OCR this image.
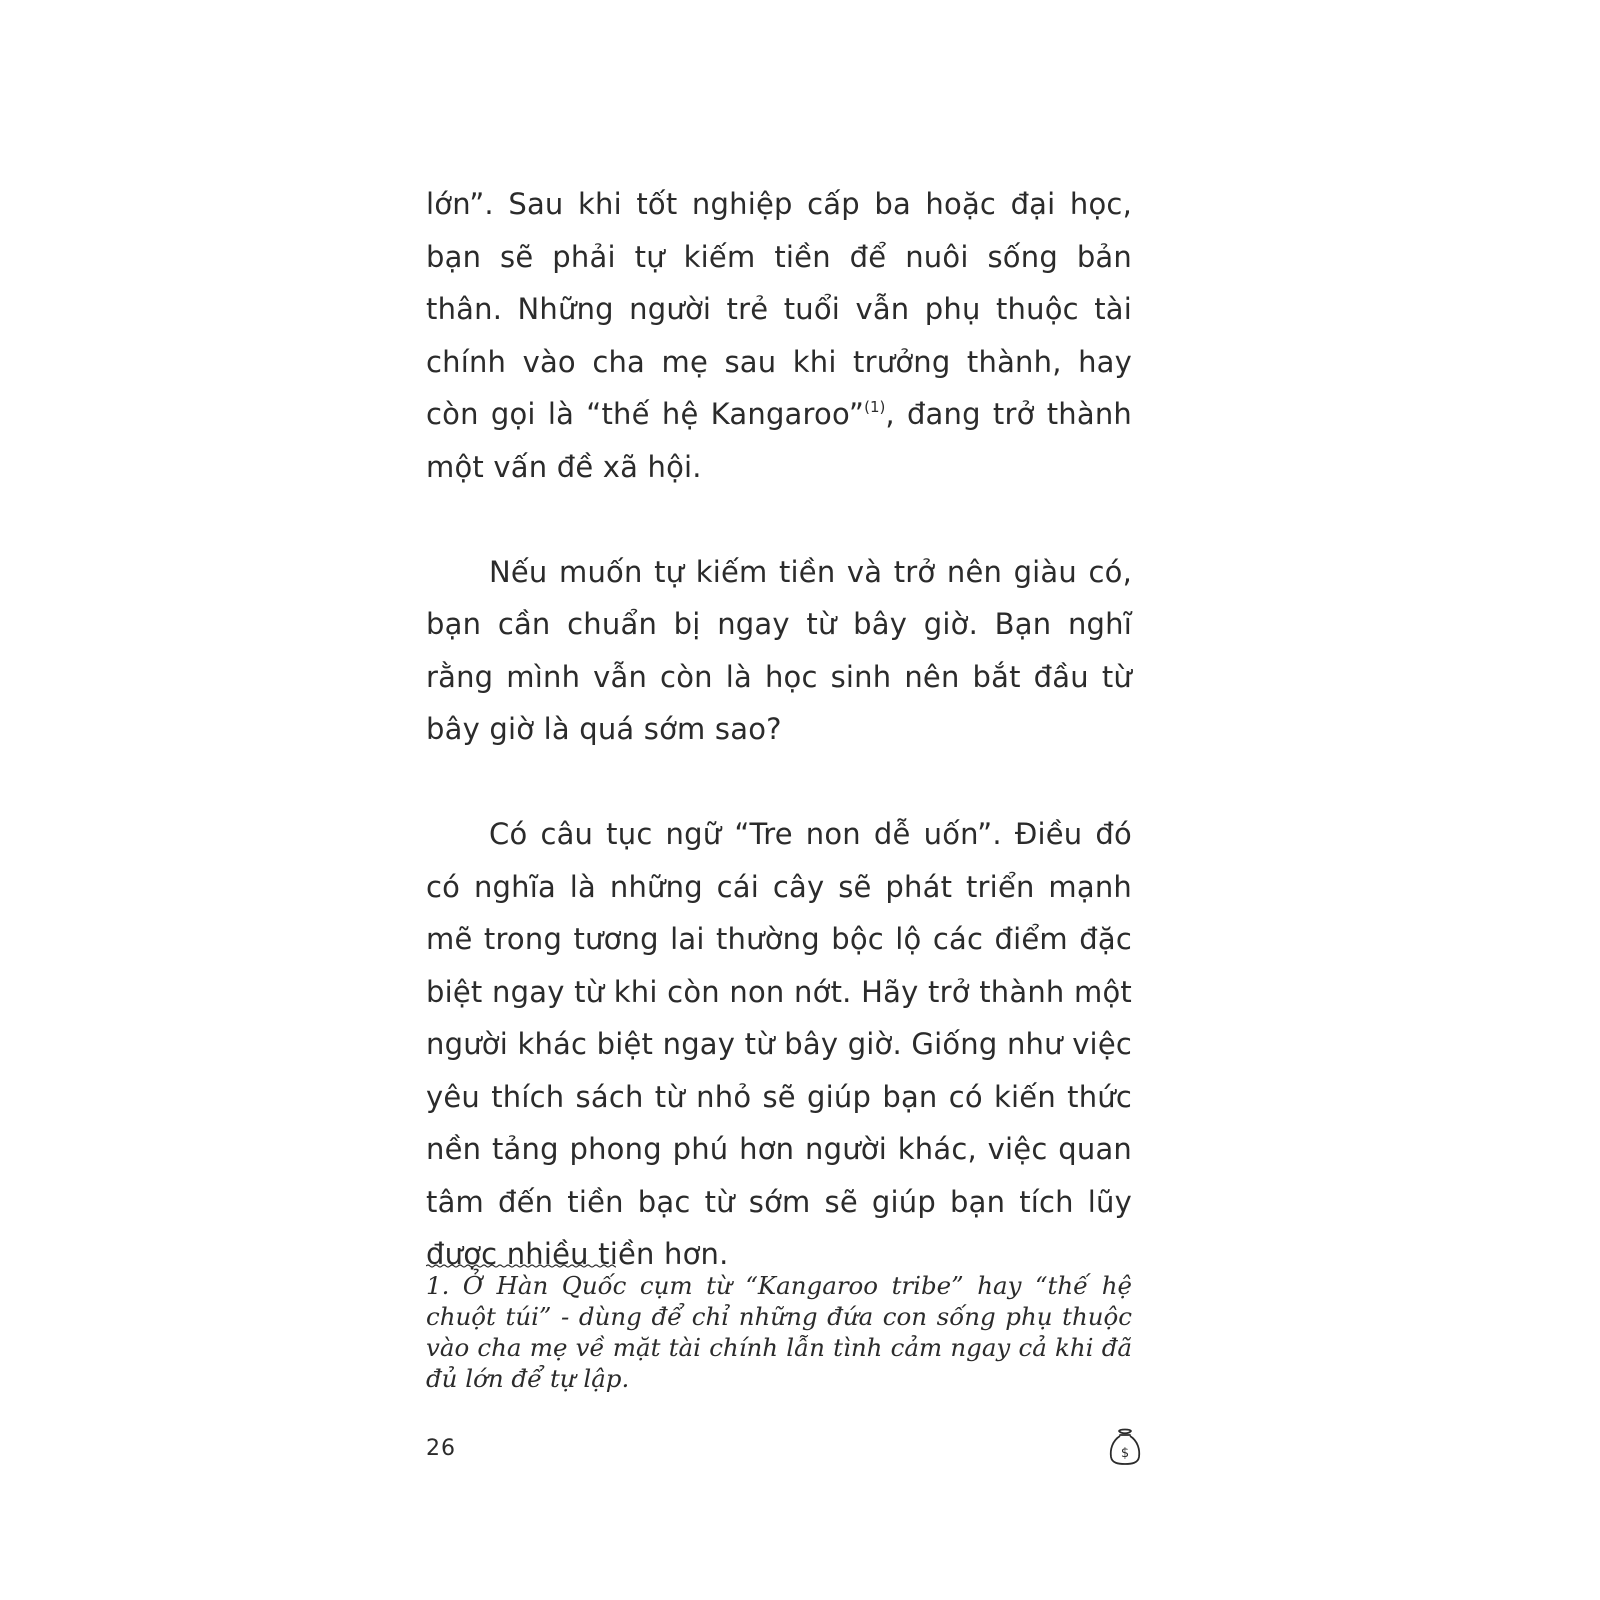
lớn”. Sau khi tốt nghiệp cấp ba hoặc đại học, bạn sẽ phải tự kiếm tiền để nuôi sống bản thân. Những người trẻ tuổi vẫn phụ thuộc tài chính vào cha mẹ sau khi trưởng thành, hay còn gọi là “thế hệ Kangaroo”$^{(1)}$, đang trở thành một vấn đề xã hội.

Nếu muốn tự kiếm tiền và trở nên giàu có, bạn cần chuẩn bị ngay từ bây giờ. Bạn nghĩ rằng mình vẫn còn là học sinh nên bắt đầu từ bây giờ là quá sớm sao?

Có câu tục ngữ “Tre non dễ uốn”. Điều đó có nghĩa là những cái cây sẽ phát triển mạnh mẽ trong tương lai thường bộc lộ các điểm đặc biệt ngay từ khi còn non nớt. Hãy trở thành một người khác biệt ngay từ bây giờ. Giống như việc yêu thích sách từ nhỏ sẽ giúp bạn có kiến thức nền tảng phong phú hơn người khác, việc quan tâm đến tiền bạc từ sớm sẽ giúp bạn tích lũy được nhiều tiền hơn.

1. Ở Hàn Quốc cụm từ “Kangaroo tribe” hay “thế hệ chuột túi” - dùng để chỉ những đứa con sống phụ thuộc vào cha mẹ về mặt tài chính lẫn tình cảm ngay cả khi đã đủ lớn để tự lập.
26	$
